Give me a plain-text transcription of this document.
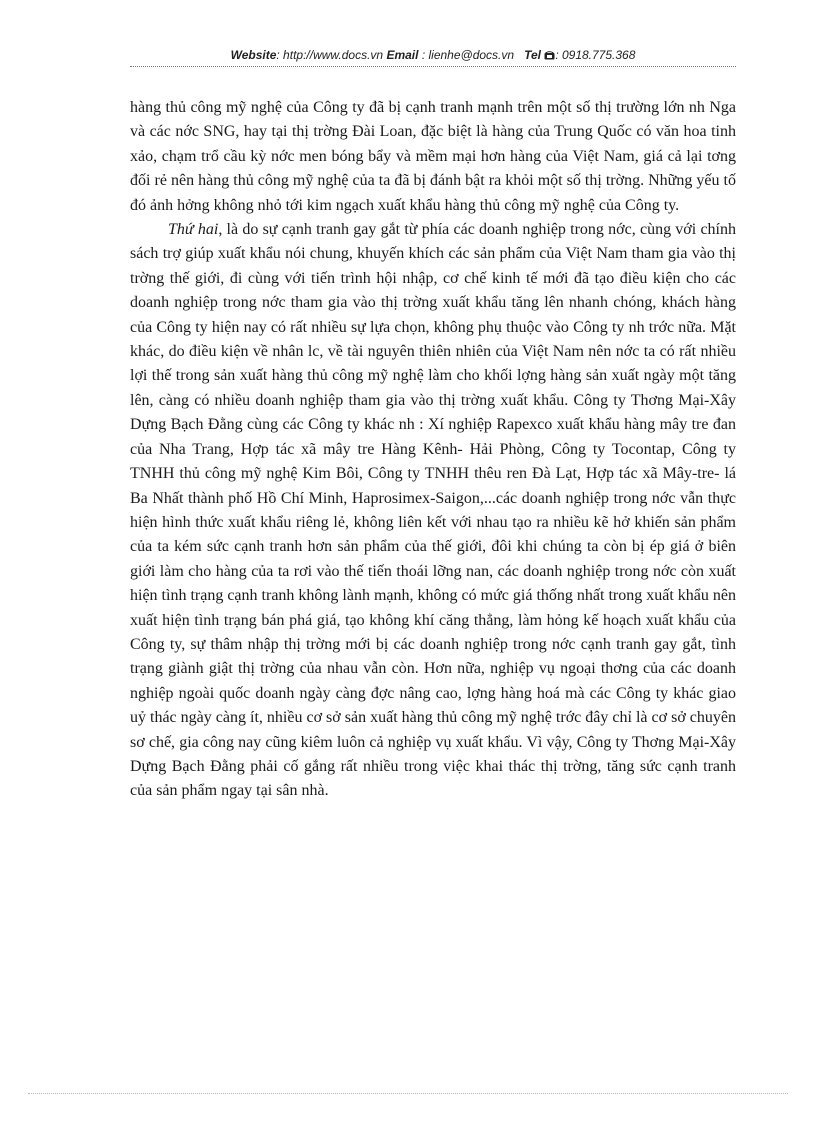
Website: http://www.docs.vn Email : lienhe@docs.vn Tel : 0918.775.368

hàng thủ công mỹ nghệ của Công ty đã bị cạnh tranh mạnh trên một số thị trường lớn nh Nga và các nớc SNG, hay tại thị trờng Đài Loan, đặc biệt là hàng của Trung Quốc có văn hoa tinh xảo, chạm trổ cầu kỳ nớc men bóng bẩy và mềm mại hơn hàng của Việt Nam, giá cả lại tơng đối rẻ nên hàng thủ công mỹ nghệ của ta đã bị đánh bật ra khỏi một số thị trờng. Những yếu tố đó ảnh hởng không nhỏ tới kim ngạch xuất khẩu hàng thủ công mỹ nghệ của Công ty.

Thứ hai, là do sự cạnh tranh gay gắt từ phía các doanh nghiệp trong nớc, cùng với chính sách trợ giúp xuất khẩu nói chung, khuyến khích các sản phẩm của Việt Nam tham gia vào thị trờng thế giới, đi cùng với tiến trình hội nhập, cơ chế kinh tế mới đã tạo điều kiện cho các doanh nghiệp trong nớc tham gia vào thị trờng xuất khẩu tăng lên nhanh chóng, khách hàng của Công ty hiện nay có rất nhiều sự lựa chọn, không phụ thuộc vào Công ty nh trớc nữa. Mặt khác, do điều kiện về nhân lc, về tài nguyên thiên nhiên của Việt Nam nên nớc ta có rất nhiều lợi thế trong sản xuất hàng thủ công mỹ nghệ làm cho khối lợng hàng sản xuất ngày một tăng lên, càng có nhiều doanh nghiệp tham gia vào thị trờng xuất khẩu. Công ty Thơng Mại-Xây Dựng Bạch Đằng cùng các Công ty khác nh : Xí nghiệp Rapexco xuất khẩu hàng mây tre đan của Nha Trang, Hợp tác xã mây tre Hàng Kênh- Hải Phòng, Công ty Tocontap, Công ty TNHH thủ công mỹ nghệ Kim Bôi, Công ty TNHH thêu ren Đà Lạt, Hợp tác xã Mây-tre- lá Ba Nhất thành phố Hồ Chí Minh, Haprosimex-Saigon,...các doanh nghiệp trong nớc vẫn thực hiện hình thức xuất khẩu riêng lẻ, không liên kết với nhau tạo ra nhiều kẽ hở khiến sản phẩm của ta kém sức cạnh tranh hơn sản phẩm của thế giới, đôi khi chúng ta còn bị ép giá ở biên giới làm cho hàng của ta rơi vào thế tiến thoái lỡng nan, các doanh nghiệp trong nớc còn xuất hiện tình trạng cạnh tranh không lành mạnh, không có mức giá thống nhất trong xuất khẩu nên xuất hiện tình trạng bán phá giá, tạo không khí căng thẳng, làm hỏng kế hoạch xuất khẩu của Công ty, sự thâm nhập thị trờng mới bị các doanh nghiệp trong nớc cạnh tranh gay gắt, tình trạng giành giật thị trờng của nhau vẫn còn. Hơn nữa, nghiệp vụ ngoại thơng của các doanh nghiệp ngoài quốc doanh ngày càng đợc nâng cao, lợng hàng hoá mà các Công ty khác giao uỷ thác ngày càng ít, nhiều cơ sở sản xuất hàng thủ công mỹ nghệ trớc đây chỉ là cơ sở chuyên sơ chế, gia công nay cũng kiêm luôn cả nghiệp vụ xuất khẩu. Vì vậy, Công ty Thơng Mại-Xây Dựng Bạch Đằng phải cố gắng rất nhiều trong việc khai thác thị trờng, tăng sức cạnh tranh của sản phẩm ngay tại sân nhà.
